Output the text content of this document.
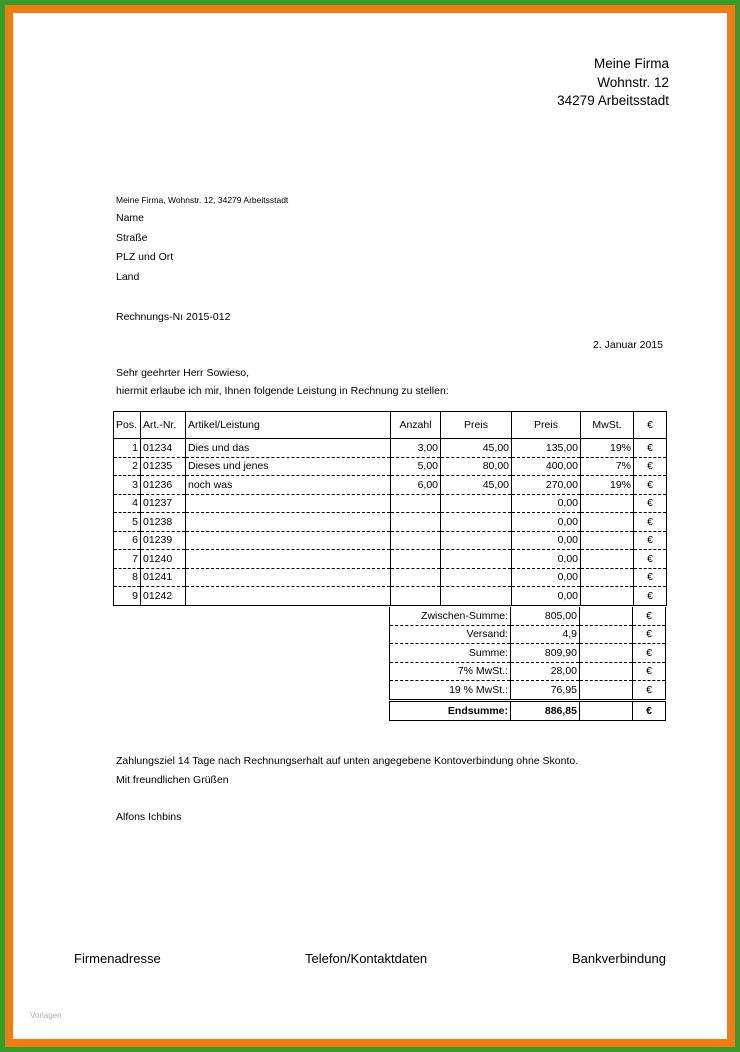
Meine Firma
Wohnstr. 12
34279 Arbeitsstadt
Meine Firma, Wohnstr. 12, 34279 Arbeitsstadt
Name
Straße
PLZ und Ort
Land
Rechnungs-Nı 2015-012
2. Januar 2015
Sehr geehrter Herr Sowieso,
hiermit erlaube ich mir, Ihnen folgende Leistung in Rechnung zu stellen:
Pos.	Art.-Nr.	Artikel/Leistung	Anzahl	Preis	Preis	MwSt.	€
1	01234	Dies und das	3,00	45,00	135,00	19%	€
2	01235	Dieses und jenes	5,00	80,00	400,00	7%	€
3	01236	noch was	6,00	45,00	270,00	19%	€
4	01237				0,00		€
5	01238				0,00		€
6	01239				0,00		€
7	01240				0,00		€
8	01241				0,00		€
9	01242				0,00		€
Zwischen-Summe:	805,00		€
Versand:	4,9		€
Summe:	809,90		€
7% MwSt.:	28,00		€
19 % MwSt.:	76,95		€
Endsumme:	886,85		€
Zahlungsziel 14 Tage nach Rechnungserhalt auf unten angegebene Kontoverbindung ohne Skonto.
Mit freundlichen Grüßen
Alfons Ichbins
Firmenadresse	Telefon/Kontaktdaten	Bankverbindung
Vorlagen
